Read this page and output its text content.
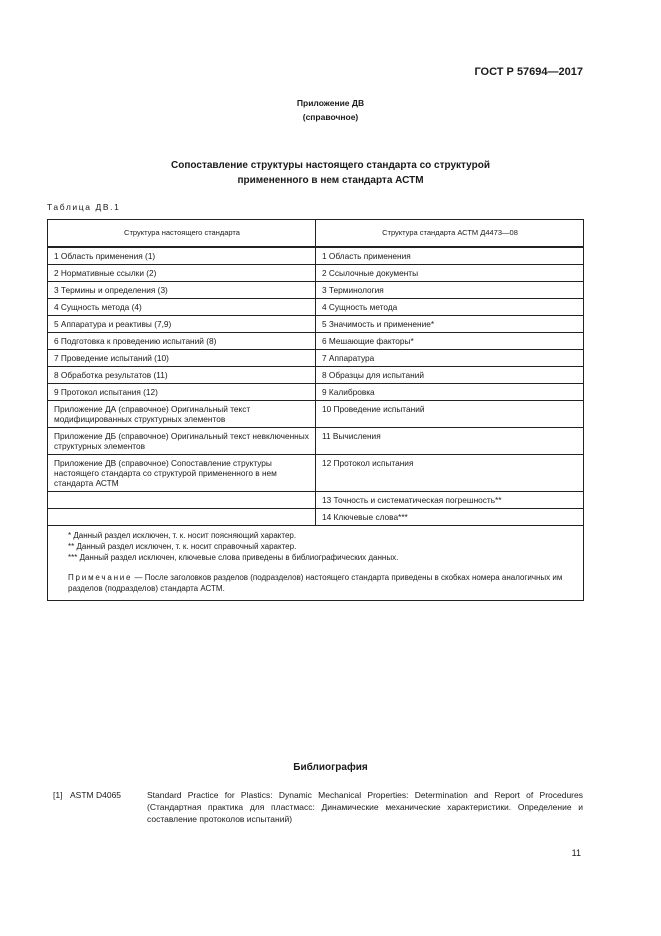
ГОСТ Р 57694—2017
Приложение ДВ
(справочное)
Сопоставление структуры настоящего стандарта со структурой
примененного в нем стандарта АСТМ
Таблица ДВ.1
Структура настоящего стандарта	Структура стандарта АСТМ Д4473—08
1 Область применения (1)	1 Область применения
2 Нормативные ссылки (2)	2 Ссылочные документы
3 Термины и определения (3)	3 Терминология
4 Сущность метода (4)	4 Сущность метода
5 Аппаратура и реактивы (7,9)	5 Значимость и применение*
6 Подготовка к проведению испытаний (8)	6 Мешающие факторы*
7 Проведение испытаний (10)	7 Аппаратура
8 Обработка результатов (11)	8 Образцы для испытаний
9 Протокол испытания (12)	9 Калибровка
Приложение ДА (справочное) Оригинальный текст модифицированных структурных элементов	10 Проведение испытаний
Приложение ДБ (справочное) Оригинальный текст невключенных структурных элементов	11 Вычисления
Приложение ДВ (справочное) Сопоставление структуры настоящего стандарта со структурой примененного в нем стандарта АСТМ	12 Протокол испытания
	13 Точность и систематическая погрешность**
	14 Ключевые слова***

* Данный раздел исключен, т. к. носит поясняющий характер.
** Данный раздел исключен, т. к. носит справочный характер.
*** Данный раздел исключен, ключевые слова приведены в библиографических данных.
Примечание — После заголовков разделов (подразделов) настоящего стандарта приведены в скобках номера аналогичных им разделов (подразделов) стандарта АСТМ.	
Библиография
[1] ASTM D4065	Standard Practice for Plastics: Dynamic Mechanical Properties: Determination and Report of Procedures (Стандартная практика для пластмасс: Динамические механические характеристики. Определение и составление протоколов испытаний)
11
